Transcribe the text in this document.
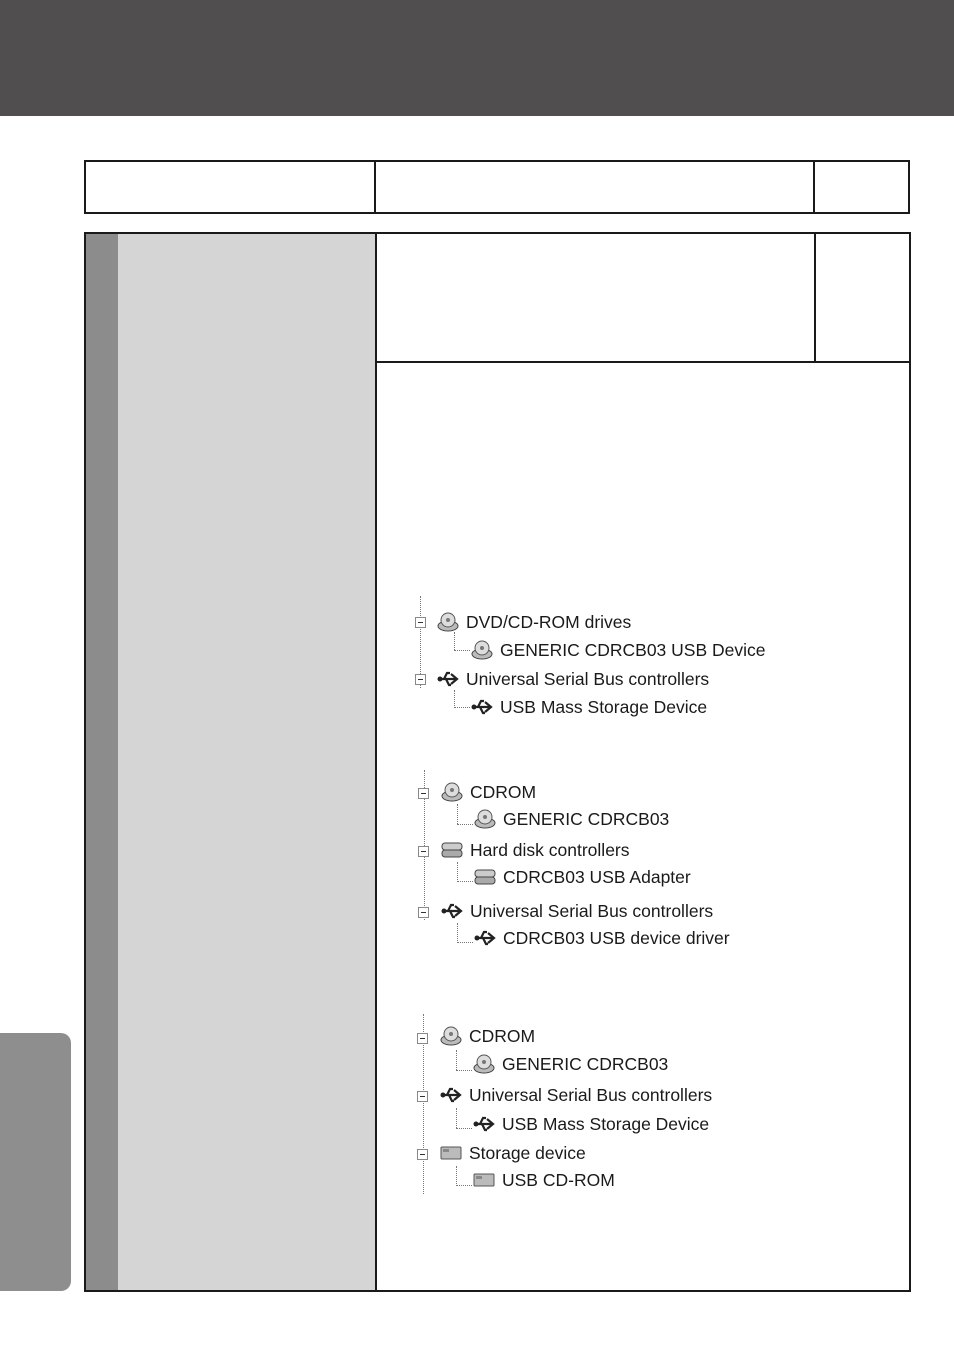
DVD/CD-ROM drives
GENERIC CDRCB03 USB Device
Universal Serial Bus controllers
USB Mass Storage Device
CDROM
GENERIC CDRCB03
Hard disk controllers
CDRCB03 USB Adapter
Universal Serial Bus controllers
CDRCB03 USB device driver
CDROM
GENERIC CDRCB03
Universal Serial Bus controllers
USB Mass Storage Device
Storage device
USB CD-ROM
